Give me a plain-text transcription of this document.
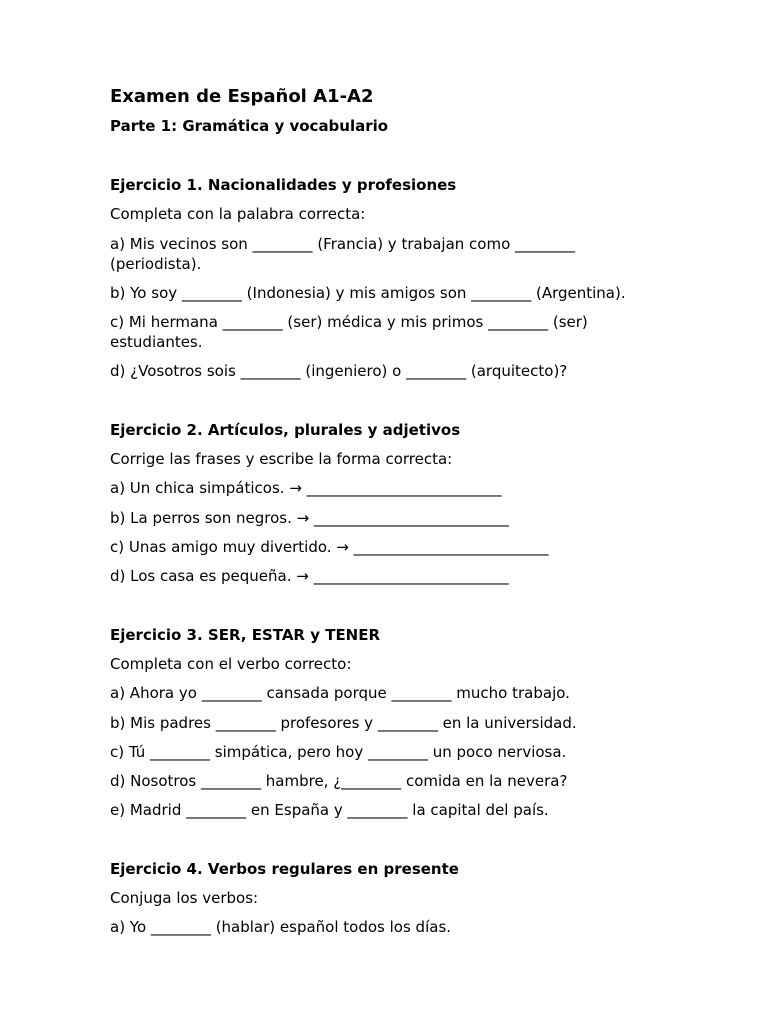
Examen de Español A1-A2
Parte 1: Gramática y vocabulario
Ejercicio 1. Nacionalidades y profesiones
Completa con la palabra correcta:
a) Mis vecinos son ________ (Francia) y trabajan como ________ (periodista).
b) Yo soy ________ (Indonesia) y mis amigos son ________ (Argentina).
c) Mi hermana ________ (ser) médica y mis primos ________ (ser) estudiantes.
d) ¿Vosotros sois ________ (ingeniero) o ________ (arquitecto)?
Ejercicio 2. Artículos, plurales y adjetivos
Corrige las frases y escribe la forma correcta:
a) Un chica simpáticos. → __________________________
b) La perros son negros. → __________________________
c) Unas amigo muy divertido. → __________________________
d) Los casa es pequeña. → __________________________
Ejercicio 3. SER, ESTAR y TENER
Completa con el verbo correcto:
a) Ahora yo ________ cansada porque ________ mucho trabajo.
b) Mis padres ________ profesores y ________ en la universidad.
c) Tú ________ simpática, pero hoy ________ un poco nerviosa.
d) Nosotros ________ hambre, ¿________ comida en la nevera?
e) Madrid ________ en España y ________ la capital del país.
Ejercicio 4. Verbos regulares en presente
Conjuga los verbos:
a) Yo ________ (hablar) español todos los días.
